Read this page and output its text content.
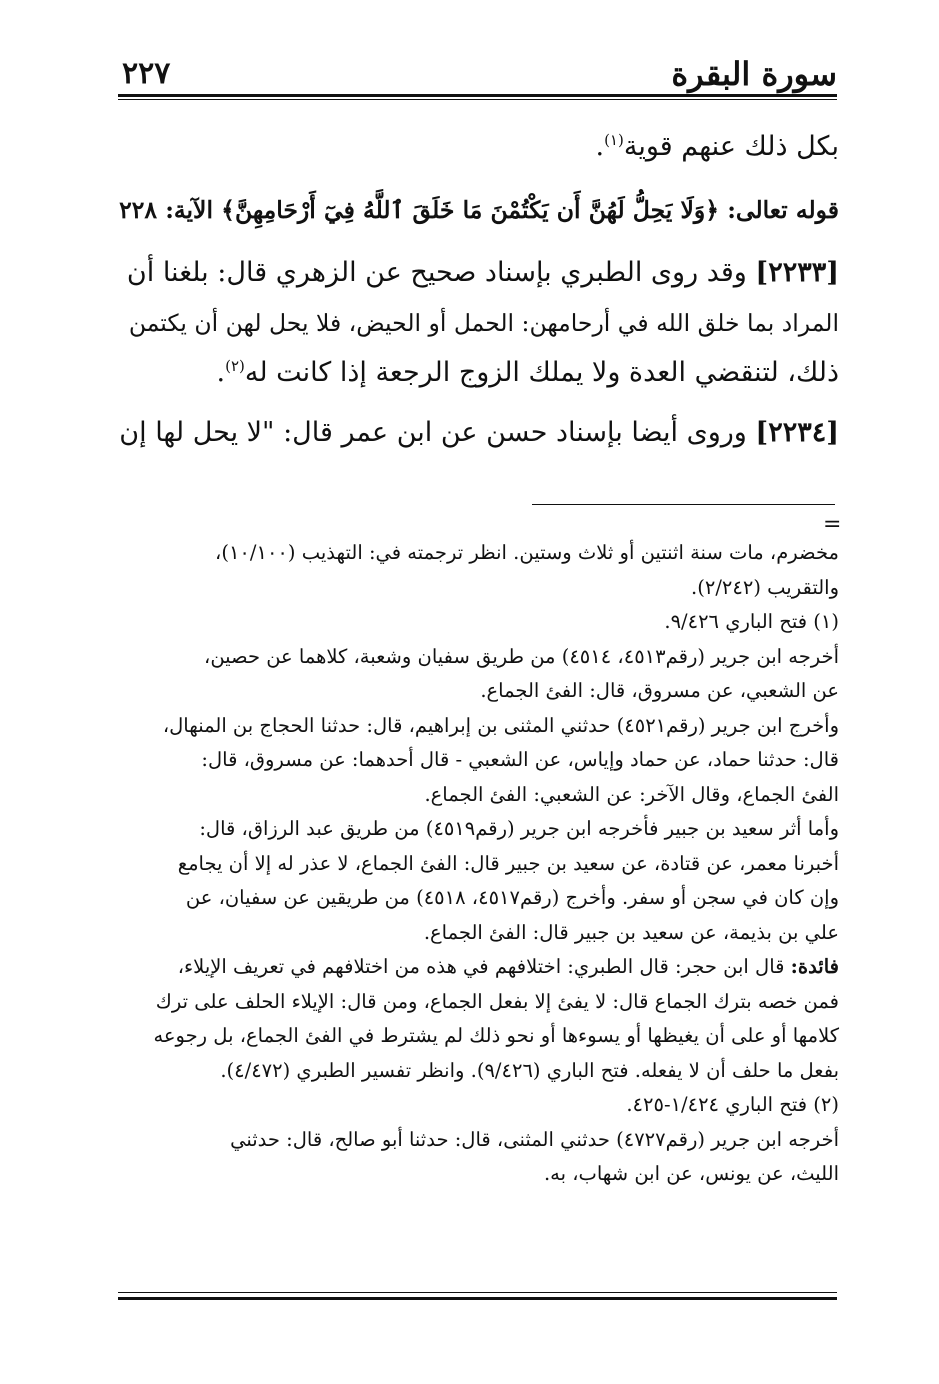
سورة البقرة
٢٢٧
بكل ذلك عنهم قوية$^{(١)}$.
قوله تعالى: ﴿وَلَا يَحِلُّ لَهُنَّ أَن يَكْتُمْنَ مَا خَلَقَ ٱللَّهُ فِيٓ أَرْحَامِهِنَّ﴾ الآية: ٢٢٨
[٢٢٣٣] وقد روى الطبري بإسناد صحيح عن الزهري قال: بلغنا أن
المراد بما خلق الله في أرحامهن: الحمل أو الحيض، فلا يحل لهن أن يكتمن
ذلك، لتنقضي العدة ولا يملك الزوج الرجعة إذا كانت له$^{(٢)}$.
[٢٢٣٤] وروى أيضا بإسناد حسن عن ابن عمر قال: "لا يحل لها إن
=
مخضرم، مات سنة اثنتين أو ثلاث وستين. انظر ترجمته في: التهذيب (١٠/١٠٠)،
والتقريب (٢/٢٤٢).
(١) فتح الباري ٩/٤٢٦.
أخرجه ابن جرير (رقم٤٥١٣، ٤٥١٤) من طريق سفيان وشعبة، كلاهما عن حصين،
عن الشعبي، عن مسروق، قال: الفئ الجماع.
وأخرج ابن جرير (رقم٤٥٢١) حدثني المثنى بن إبراهيم، قال: حدثنا الحجاج بن المنهال،
قال: حدثنا حماد، عن حماد وإياس، عن الشعبي - قال أحدهما: عن مسروق، قال:
الفئ الجماع، وقال الآخر: عن الشعبي: الفئ الجماع.
وأما أثر سعيد بن جبير فأخرجه ابن جرير (رقم٤٥١٩) من طريق عبد الرزاق، قال:
أخبرنا معمر، عن قتادة، عن سعيد بن جبير قال: الفئ الجماع، لا عذر له إلا أن يجامع
وإن كان في سجن أو سفر. وأخرج (رقم٤٥١٧، ٤٥١٨) من طريقين عن سفيان، عن
علي بن بذيمة، عن سعيد بن جبير قال: الفئ الجماع.
فائدة: قال ابن حجر: قال الطبري: اختلافهم في هذه من اختلافهم في تعريف الإيلاء،
فمن خصه بترك الجماع قال: لا يفئ إلا بفعل الجماع، ومن قال: الإيلاء الحلف على ترك
كلامها أو على أن يغيظها أو يسوءها أو نحو ذلك لم يشترط في الفئ الجماع، بل رجوعه
بفعل ما حلف أن لا يفعله. فتح الباري (٩/٤٢٦). وانظر تفسير الطبري (٤/٤٧٢).
(٢) فتح الباري ١/٤٢٤-٤٢٥.
أخرجه ابن جرير (رقم٤٧٢٧) حدثني المثنى، قال: حدثنا أبو صالح، قال: حدثني
الليث، عن يونس، عن ابن شهاب، به.
